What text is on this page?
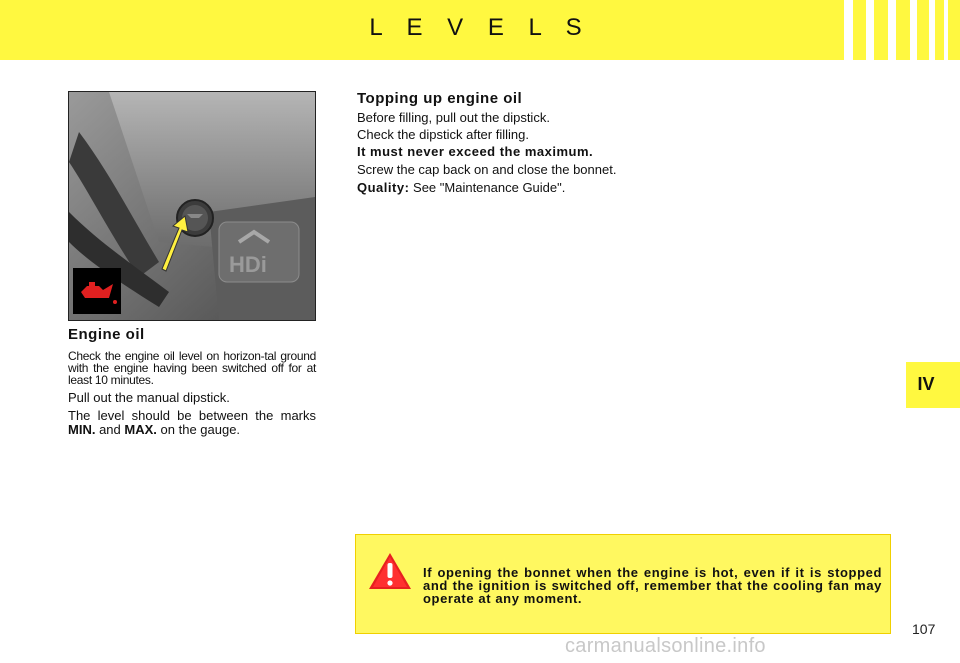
L E V E L S
HDi
Engine oil

Check the engine oil level on horizon-tal ground with the engine having been switched off for at least 10 minutes.

Pull out the manual dipstick.

The level should be between the marks MIN. and MAX. on the gauge.

Topping up engine oil

Before filling, pull out the dipstick.

Check the dipstick after filling.

It must never exceed the maximum.

Screw the cap back on and close the bonnet.

Quality: See "Maintenance Guide".

IV

If opening the bonnet when the engine is hot, even if it is stopped and the ignition is switched off, remember that the cooling fan may operate at any moment.

107
carmanualsonline.info
